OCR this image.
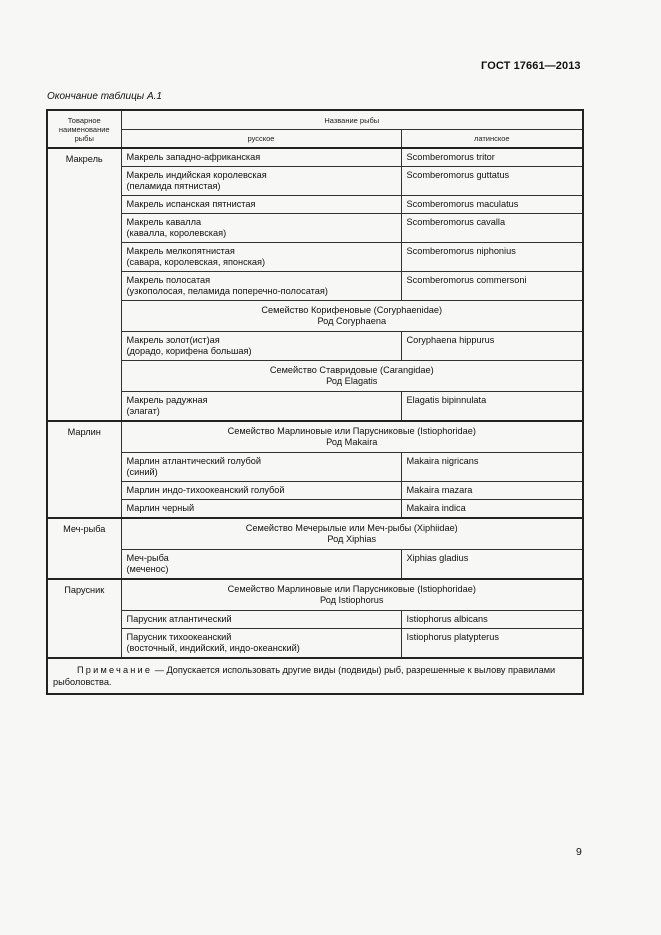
ГОСТ 17661—2013
Окончание таблицы А.1
Товарное наименование рыбы	Название рыбы	
	русское	латинское
Макрель	Макрель западно-африканская	Scomberomorus tritor

	Макрель индийская королевская
(пеламида пятнистая)	Scomberomorus guttatus

	Макрель испанская пятнистая	Scomberomorus maculatus

	Макрель кавалла
(кавалла, королевская)	Scomberomorus cavalla

	Макрель мелкопятнистая
(савара, королевская, японская)	Scomberomorus niphonius

	Макрель полосатая
(узкополосая, пеламида поперечно-полосатая)	Scomberomorus commersoni

	Семейство Корифеновые (Coryphaenidae)
Род Coryphaena	

	Макрель золот(ист)ая
(дорадо, корифена большая)	Coryphaena hippurus

	Семейство Ставридовые (Carangidae)
Род Elagatis	

	Макрель радужная
(элагат)	Elagatis bipinnulata
Марлин	Семейство Марлиновые или Парусниковые (Istiophoridae)
Род Makaira	

	Марлин атлантический голубой
(синий)	Makaira nigricans

	Марлин индо-тихоокеанский голубой	Makaira mazara

	Марлин черный	Makaira indica
Меч-рыба	Семейство Мечерылые или Меч-рыбы (Xiphiidae)
Род Xiphias	

	Меч-рыба
(меченос)	Xiphias gladius
Парусник	Семейство Марлиновые или Парусниковые (Istiophoridae)
Род Istiophorus	

	Парусник атлантический	Istiophorus albicans

	Парусник тихоокеанский
(восточный, индийский, индо-океанский)	Istiophorus platypterus
Примечание — Допускается использовать другие виды (подвиды) рыб, разрешенные к вылову правилами рыболовства.		
9
